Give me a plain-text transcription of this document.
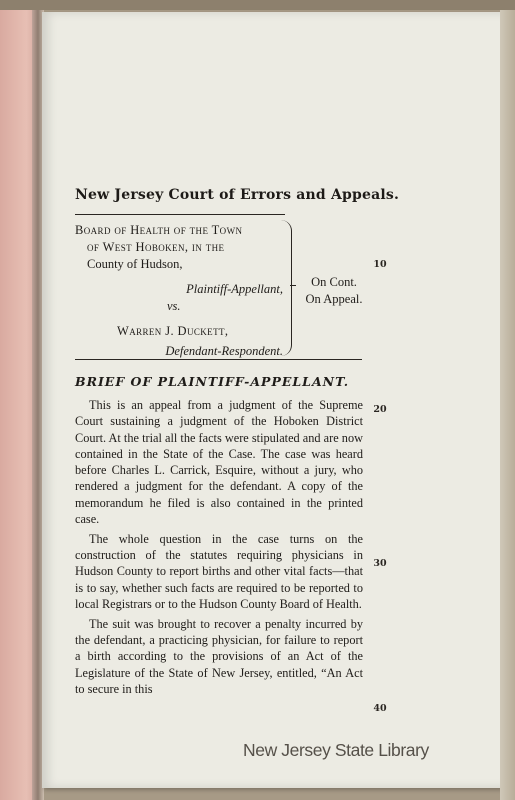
New Jersey Court of Errors and Appeals.
Board of Health of the Town
of West Hoboken, in the
County of Hudson,
Plaintiff-Appellant,
vs.
Warren J. Duckett,
Defendant-Respondent.
On Cont.
On Appeal.
BRIEF OF PLAINTIFF-APPELLANT.

This is an appeal from a judgment of the Supreme Court sustaining a judgment of the Hoboken District Court. At the trial all the facts were stipulated and are now contained in the State of the Case. The case was heard before Charles L. Carrick, Esquire, without a jury, who rendered a judgment for the defendant. A copy of the memorandum he filed is also contained in the printed case.

The whole question in the case turns on the construction of the statutes requiring physicians in Hudson County to report births and other vital facts—that is to say, whether such facts are required to be reported to local Registrars or to the Hudson County Board of Health.

The suit was brought to recover a penalty incurred by the defendant, a practicing physician, for failure to report a birth according to the provisions of an Act of the Legislature of the State of New Jersey, entitled, “An Act to secure in this

10
20
30
40
New Jersey State Library
